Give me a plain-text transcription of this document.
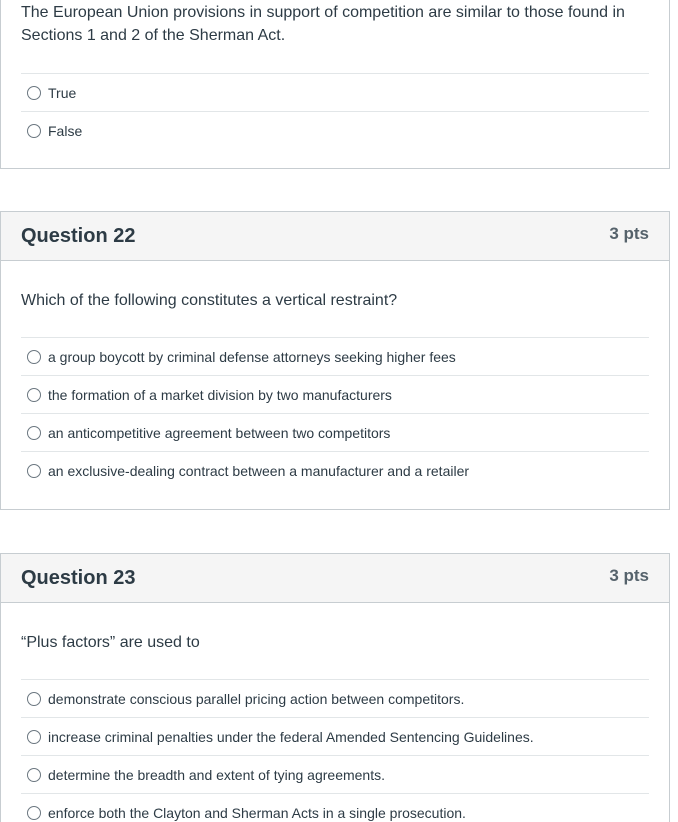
The European Union provisions in support of competition are similar to those found in Sections 1 and 2 of the Sherman Act.
True
False
Question 22	3 pts
Which of the following constitutes a vertical restraint?
a group boycott by criminal defense attorneys seeking higher fees
the formation of a market division by two manufacturers
an anticompetitive agreement between two competitors
an exclusive-dealing contract between a manufacturer and a retailer
Question 23	3 pts
“Plus factors” are used to
demonstrate conscious parallel pricing action between competitors.
increase criminal penalties under the federal Amended Sentencing Guidelines.
determine the breadth and extent of tying agreements.
enforce both the Clayton and Sherman Acts in a single prosecution.
